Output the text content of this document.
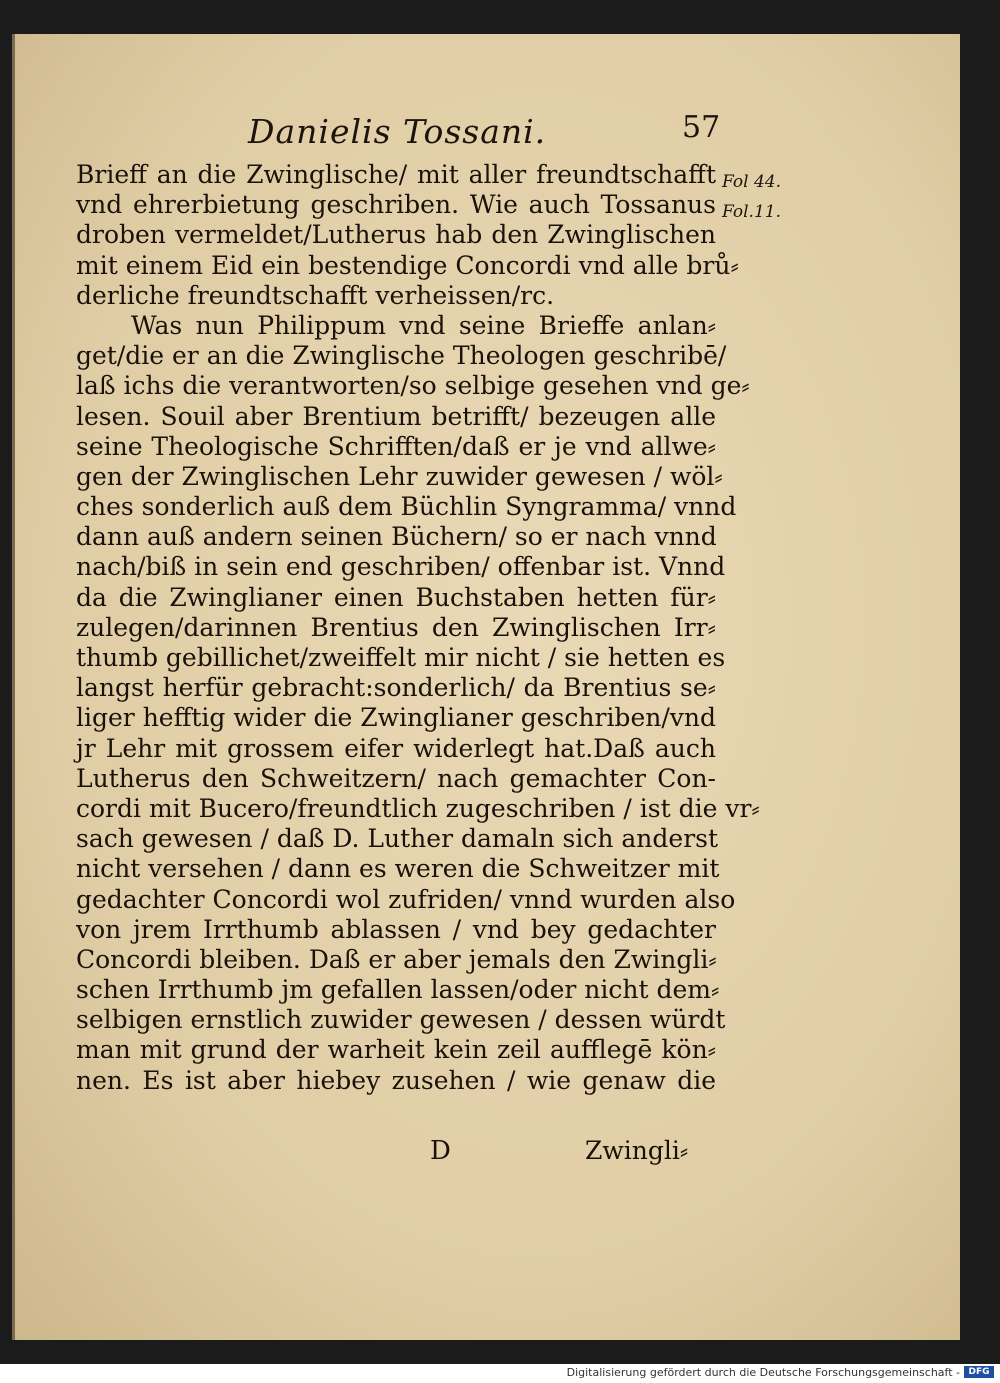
Danielis Tossani.	57
Fol 44.
Fol.11.
Brieff an die Zwinglische/ mit aller freundtschafft
vnd ehrerbietung geschriben. Wie auch Tossanus
droben vermeldet/Lutherus hab den Zwinglischen
mit einem Eid ein bestendige Concordi vnd alle brů⸗
derliche freundtschafft verheissen/rc.
Was nun Philippum vnd seine Brieffe anlan⸗
get/die er an die Zwinglische Theologen geschribē/
laß ichs die verantworten/so selbige gesehen vnd ge⸗
lesen. Souil aber Brentium betrifft/ bezeugen alle
seine Theologische Schrifften/daß er je vnd allwe⸗
gen der Zwinglischen Lehr zuwider gewesen / wöl⸗
ches sonderlich auß dem Büchlin Syngramma/ vnnd
dann auß andern seinen Büchern/ so er nach vnnd
nach/biß in sein end geschriben/ offenbar ist. Vnnd
da die Zwinglianer einen Buchstaben hetten für⸗
zulegen/darinnen Brentius den Zwinglischen Irr⸗
thumb gebillichet/zweiffelt mir nicht / sie hetten es
langst herfür gebracht:sonderlich/ da Brentius se⸗
liger hefftig wider die Zwinglianer geschriben/vnd
jr Lehr mit grossem eifer widerlegt hat.Daß auch
Lutherus den Schweitzern/ nach gemachter Con-
cordi mit Bucero/freundtlich zugeschriben / ist die vr⸗
sach gewesen / daß D. Luther damaln sich anderst
nicht versehen / dann es weren die Schweitzer mit
gedachter Concordi wol zufriden/ vnnd wurden also
von jrem Irrthumb ablassen / vnd bey gedachter
Concordi bleiben. Daß er aber jemals den Zwingli⸗
schen Irrthumb jm gefallen lassen/oder nicht dem⸗
selbigen ernstlich zuwider gewesen / dessen würdt
man mit grund der warheit kein zeil aufflegē kön⸗
nen. Es ist aber hiebey zusehen / wie genaw die
D	Zwingli⸗
Digitalisierung gefördert durch die Deutsche Forschungsgemeinschaft - DFG
